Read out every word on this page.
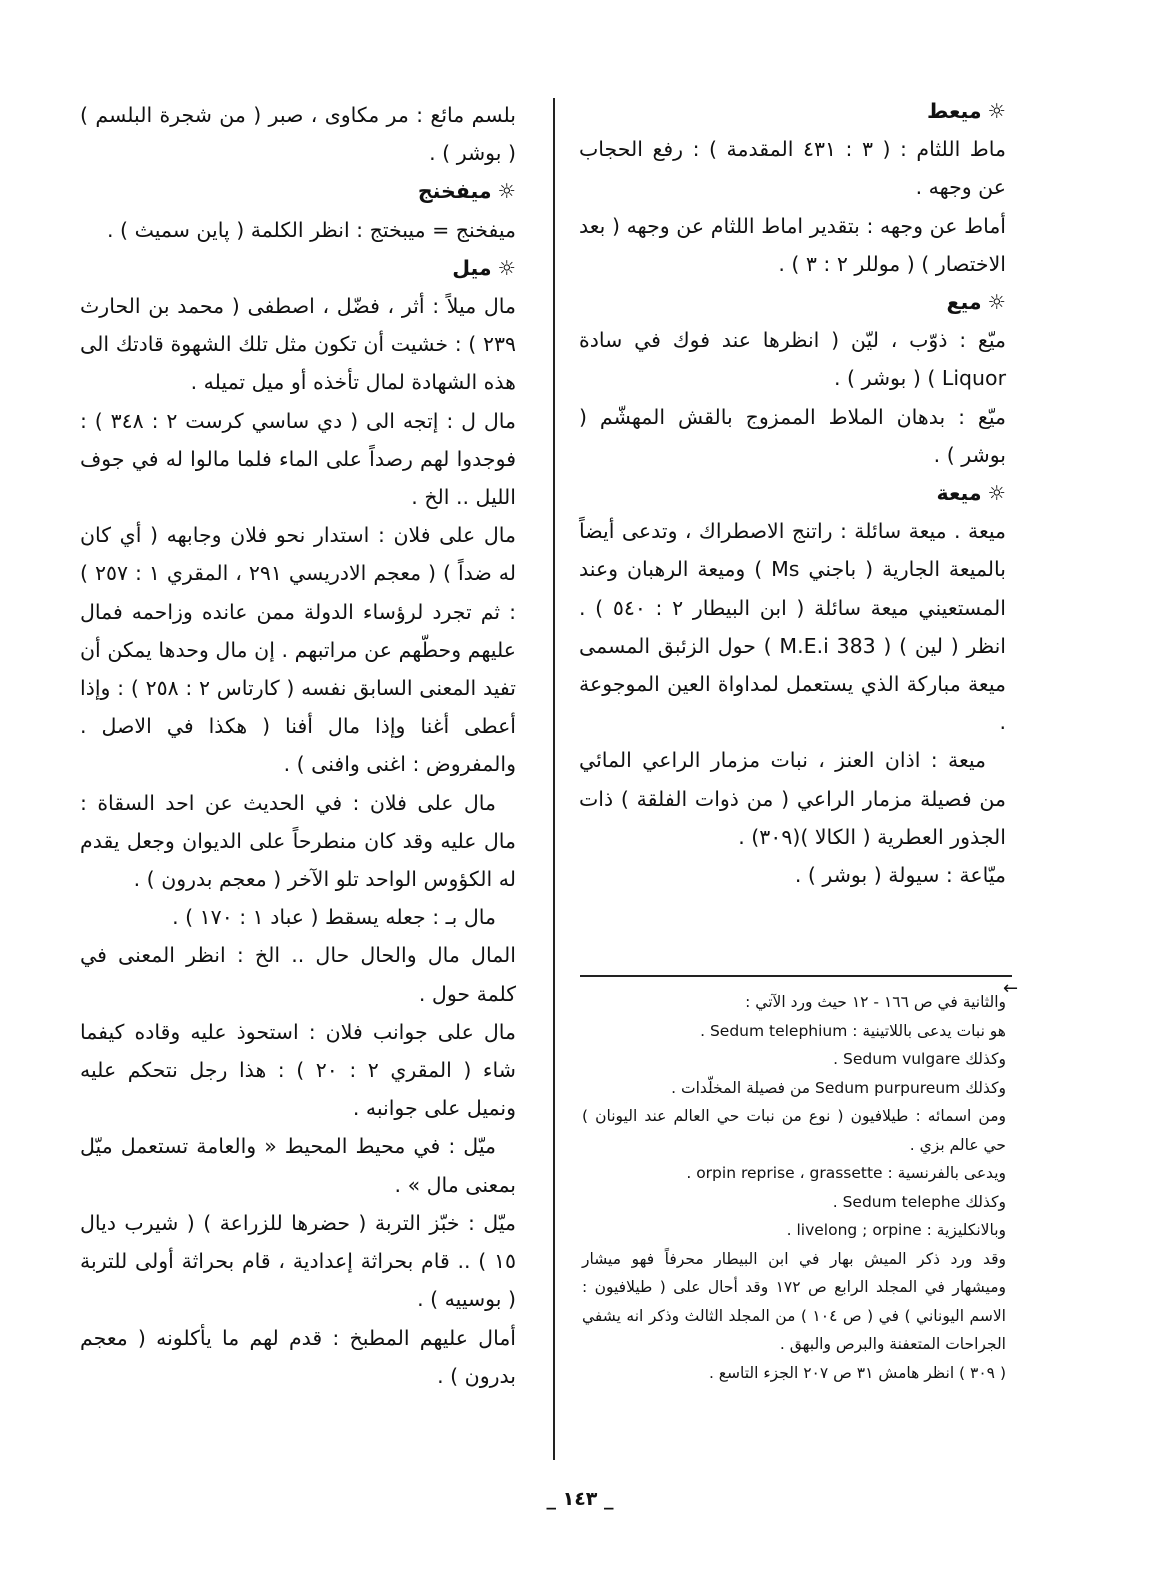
☼ميعط

ماط اللثام : ( ٣ : ٤٣١ المقدمة ) : رفع الحجاب عن وجهه .

أماط عن وجهه : بتقدير اماط اللثام عن وجهه ( بعد الاختصار ) ( موللر ٢ : ٣ ) .

☼ميع

ميّع : ذوّب ، ليّن ( انظرها عند فوك في سادة Liquor ) ( بوشر ) .

ميّع : بدهان الملاط الممزوج بالقش المهشّم ( بوشر ) .

☼ميعة

ميعة . ميعة سائلة : راتنج الاصطراك ، وتدعى أيضاً بالميعة الجارية ( باجني Ms ) وميعة الرهبان وعند المستعيني ميعة سائلة ( ابن البيطار ٢ : ٥٤٠ ) . انظر ( لين ) ( M.E.i 383 ) حول الزئبق المسمى ميعة مباركة الذي يستعمل لمداواة العين الموجوعة .

ميعة : اذان العنز ، نبات مزمار الراعي المائي من فصيلة مزمار الراعي ( من ذوات الفلقة ) ذات الجذور العطرية ( الكالا )(٣٠٩) .

ميّاعة : سيولة ( بوشر ) .

بلسم مائع : مر مكاوى ، صبر ( من شجرة البلسم ) ( بوشر ) .

☼ميفخنج

ميفخنج = ميبختج : انظر الكلمة ( پاين سميث ) .

☼ميل

مال ميلاً : أثر ، فضّل ، اصطفى ( محمد بن الحارث ٢٣٩ ) : خشيت أن تكون مثل تلك الشهوة قادتك الى هذه الشهادة لمال تأخذه أو ميل تميله .

مال ل : إتجه الى ( دي ساسي كرست ٢ : ٣٤٨ ) : فوجدوا لهم رصداً على الماء فلما مالوا له في جوف الليل .. الخ .

مال على فلان : استدار نحو فلان وجابهه ( أي كان له ضداً ) ( معجم الادريسي ٢٩١ ، المقري ١ : ٢٥٧ ) : ثم تجرد لرؤساء الدولة ممن عانده وزاحمه فمال عليهم وحطّهم عن مراتبهم . إن مال وحدها يمكن أن تفيد المعنى السابق نفسه ( كارتاس ٢ : ٢٥٨ ) : وإذا أعطى أغنا وإذا مال أفنا ( هكذا في الاصل . والمفروض : اغنى وافنى ) .

مال على فلان : في الحديث عن احد السقاة : مال عليه وقد كان منطرحاً على الديوان وجعل يقدم له الكؤوس الواحد تلو الآخر ( معجم بدرون ) .

مال بـ : جعله يسقط ( عباد ١ : ١٧٠ ) .

المال مال والحال حال .. الخ : انظر المعنى في كلمة حول .

مال على جوانب فلان : استحوذ عليه وقاده كيفما شاء ( المقري ٢ : ٢٠ ) : هذا رجل نتحكم عليه ونميل على جوانبه .

ميّل : في محيط المحيط « والعامة تستعمل ميّل بمعنى مال » .

ميّل : خبّز التربة ( حضرها للزراعة ) ( شيرب ديال ١٥ ) .. قام بحراثة إعدادية ، قام بحراثة أولى للتربة ( بوسييه ) .

أمال عليهم المطبخ : قدم لهم ما يأكلونه ( معجم بدرون ) .

←

والثانية في ص ١٦٦ - ١٢ حيث ورد الآتي :

هو نبات يدعى باللاتينية : Sedum telephium .

وكذلك Sedum vulgare .

وكذلك Sedum purpureum من فصيلة المخلّدات .

ومن اسمائه : طيلافيون ( نوع من نبات حي العالم عند اليونان ) حي عالم بزي .

ويدعى بالفرنسية : orpin reprise ، grassette .

وكذلك Sedum telephe .

وبالانكليزية : livelong ; orpine .

وقد ورد ذكر الميش بهار في ابن البيطار محرفاً فهو ميشار وميشهار في المجلد الرابع ص ١٧٢ وقد أحال على ( طيلافيون : الاسم اليوناني ) في ( ص ١٠٤ ) من المجلد الثالث وذكر انه يشفي الجراحات المتعفنة والبرص والبهق .

( ٣٠٩ ) انظر هامش ٣١ ص ٢٠٧ الجزء التاسع .

_ ١٤٣ _
